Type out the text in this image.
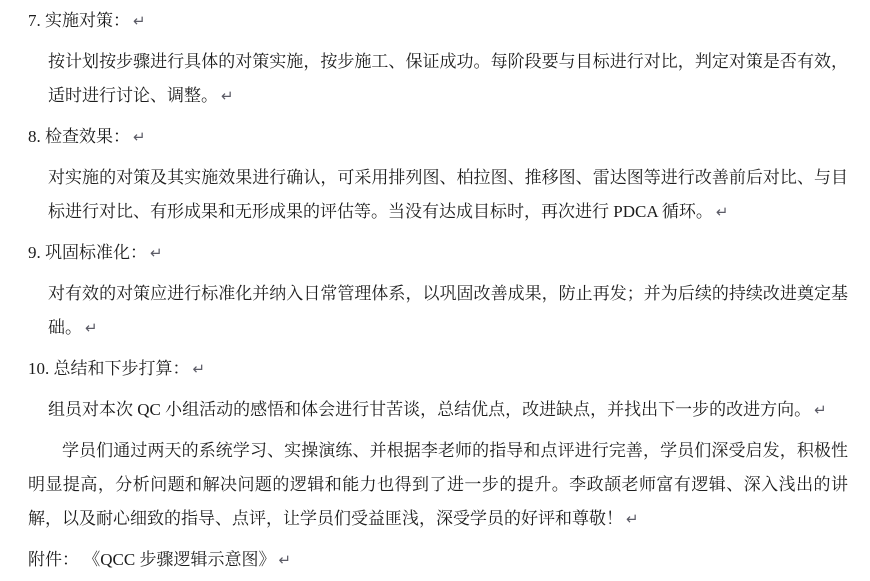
7. 实施对策： ↵

按计划按步骤进行具体的对策实施，按步施工、保证成功。每阶段要与目标进行对比，判定对策是否有效，适时进行讨论、调整。 ↵

8. 检查效果： ↵

对实施的对策及其实施效果进行确认，可采用排列图、柏拉图、推移图、雷达图等进行改善前后对比、与目标进行对比、有形成果和无形成果的评估等。当没有达成目标时，再次进行 PDCA 循环。 ↵

9. 巩固标准化： ↵

对有效的对策应进行标准化并纳入日常管理体系，以巩固改善成果，防止再发；并为后续的持续改进奠定基础。 ↵

10. 总结和下步打算： ↵

组员对本次 QC 小组活动的感悟和体会进行甘苦谈，总结优点，改进缺点，并找出下一步的改进方向。 ↵

学员们通过两天的系统学习、实操演练、并根据李老师的指导和点评进行完善，学员们深受启发，积极性明显提高，分析问题和解决问题的逻辑和能力也得到了进一步的提升。李政颉老师富有逻辑、深入浅出的讲解，以及耐心细致的指导、点评，让学员们受益匪浅，深受学员的好评和尊敬！ ↵

附件： 《QCC 步骤逻辑示意图》 ↵
